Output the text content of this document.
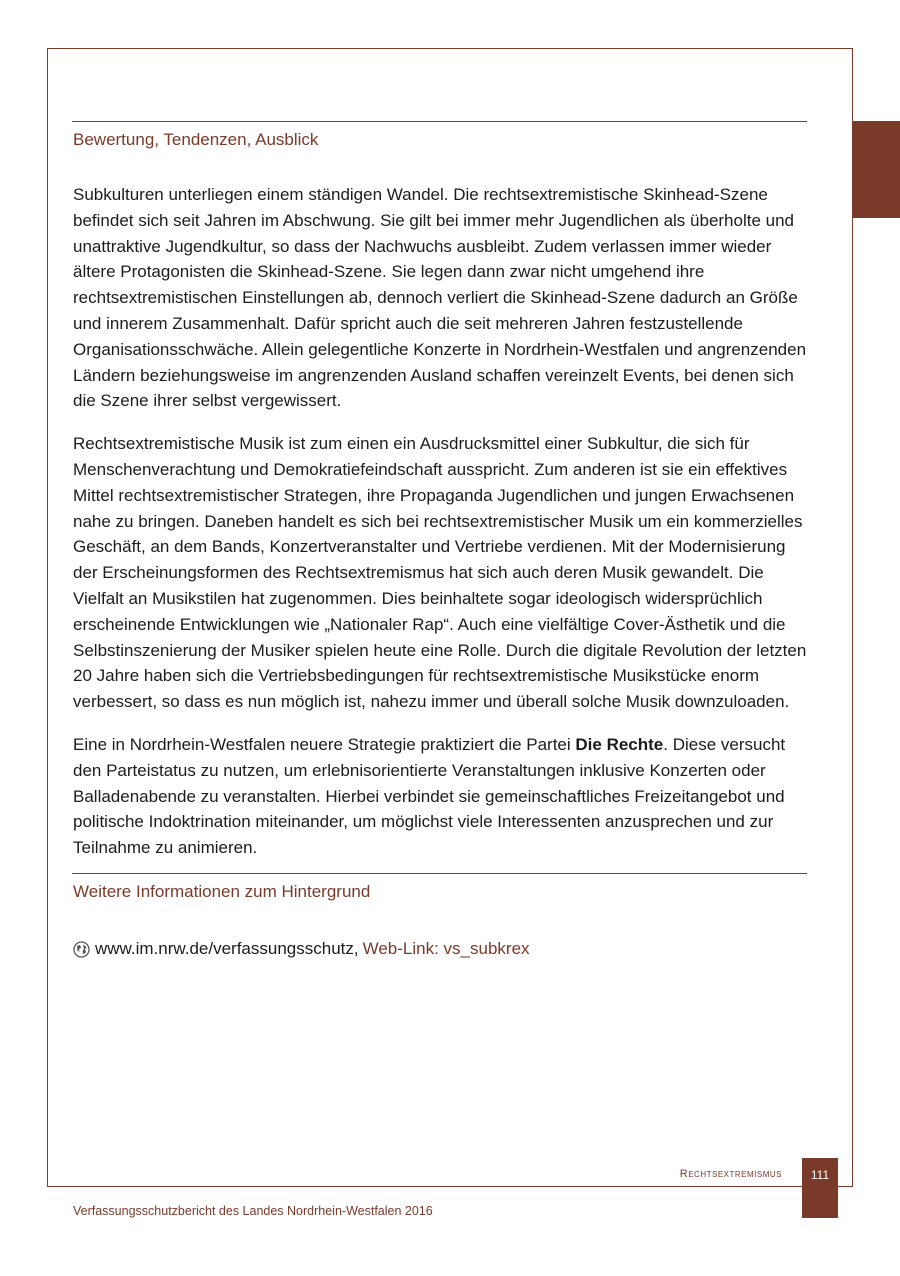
Bewertung, Tendenzen, Ausblick

Subkulturen unterliegen einem ständigen Wandel. Die rechtsextremistische Skinhead-Szene befindet sich seit Jahren im Abschwung. Sie gilt bei immer mehr Jugendlichen als überholte und unattraktive Jugendkultur, so dass der Nachwuchs ausbleibt. Zudem verlassen immer wieder ältere Protagonisten die Skinhead-Szene. Sie legen dann zwar nicht umgehend ihre rechtsextremistischen Einstellungen ab, dennoch verliert die Skinhead-Szene dadurch an Größe und innerem Zusammenhalt. Dafür spricht auch die seit mehreren Jahren festzustellende Organisationsschwäche. Allein gelegentliche Konzerte in Nordrhein-Westfalen und angrenzenden Ländern beziehungsweise im angrenzenden Ausland schaffen vereinzelt Events, bei denen sich die Szene ihrer selbst vergewissert.

Rechtsextremistische Musik ist zum einen ein Ausdrucksmittel einer Subkultur, die sich für Menschenverachtung und Demokratiefeindschaft ausspricht. Zum anderen ist sie ein effektives Mittel rechtsextremistischer Strategen, ihre Propaganda Jugendlichen und jungen Erwachsenen nahe zu bringen. Daneben handelt es sich bei rechtsextremistischer Musik um ein kommerzielles Geschäft, an dem Bands, Konzertveranstalter und Vertriebe verdienen. Mit der Modernisierung der Erscheinungsformen des Rechtsextremismus hat sich auch deren Musik gewandelt. Die Vielfalt an Musikstilen hat zugenommen. Dies beinhaltete sogar ideologisch widersprüchlich erscheinende Entwicklungen wie „Nationaler Rap“. Auch eine vielfältige Cover-Ästhetik und die Selbstinszenierung der Musiker spielen heute eine Rolle. Durch die digitale Revolution der letzten 20 Jahre haben sich die Vertriebsbedingungen für rechtsextremistische Musikstücke enorm verbessert, so dass es nun möglich ist, nahezu immer und überall solche Musik downzuloaden.

Eine in Nordrhein-Westfalen neuere Strategie praktiziert die Partei Die Rechte. Diese versucht den Parteistatus zu nutzen, um erlebnisorientierte Veranstaltungen inklusive Konzerten oder Balladenabende zu veranstalten. Hierbei verbindet sie gemeinschaftliches Freizeitangebot und politische Indoktrination miteinander, um möglichst viele Interessenten anzusprechen und zur Teilnahme zu animieren.

Weitere Informationen zum Hintergrund
www.im.nrw.de/verfassungsschutz, Web-Link: vs_subkrex
Rechtsextremismus	111
Verfassungsschutzbericht des Landes Nordrhein-Westfalen 2016
